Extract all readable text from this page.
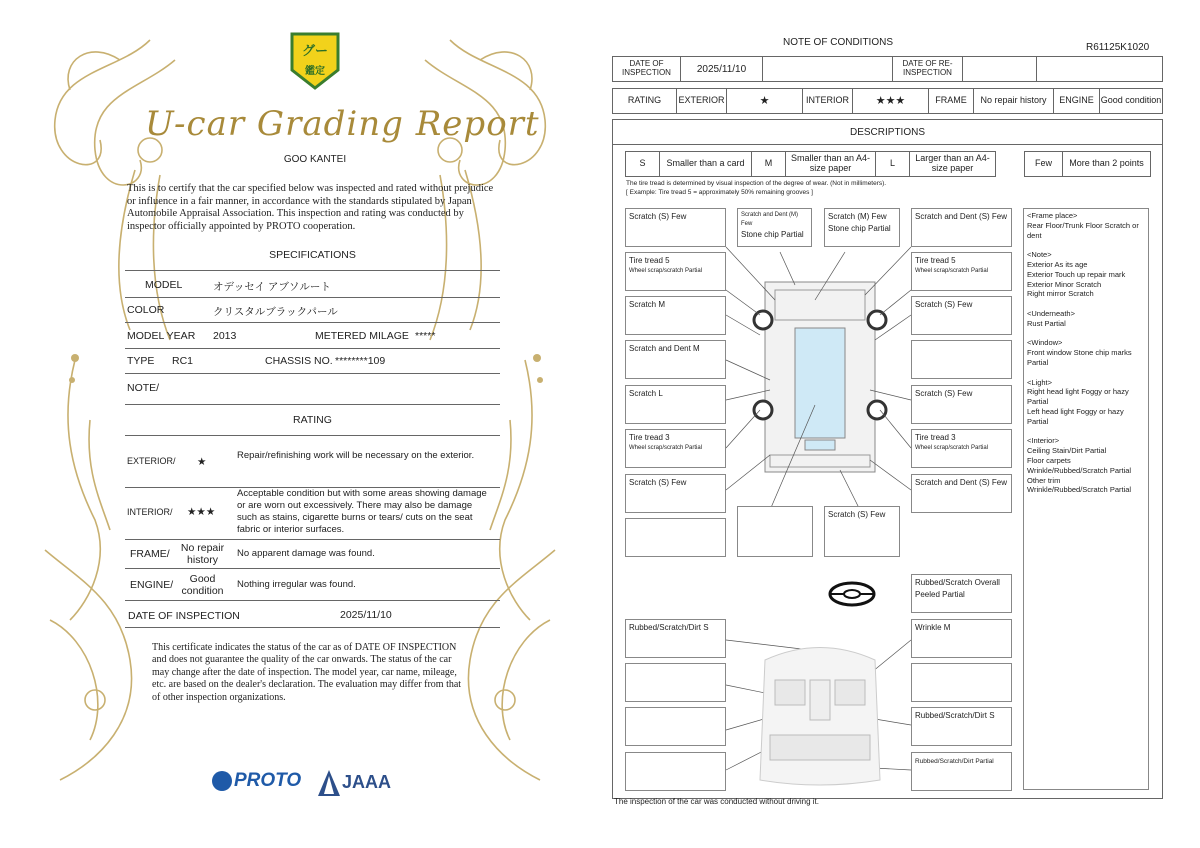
グー
鑑定
U-car Grading Report
GOO KANTEI
This is to certify that the car specified below was inspected and rated without prejudice or influence in a fair manner, in accordance with the standards stipulated by Japan Automobile Appraisal Association. This inspection and rating was conducted by inspector officially appointed by PROTO cooperation.
SPECIFICATIONS
MODEL	オデッセイ アブソルート
COLOR	クリスタルブラックパール
MODEL YEAR 2013	METERED MILAGE *****
TYPE RC1	CHASSIS NO. ********109
NOTE/
RATING
EXTERIOR/ ★
Repair/refinishing work will be necessary on the exterior.
INTERIOR/ ★★★
Acceptable condition but with some areas showing damage or are worn out excessively. There may also be damage such as stains, cigarette burns or tears/ cuts on the seat fabric or interior surfaces.
FRAME/	No repair history
No apparent damage was found.
ENGINE/	Good condition
Nothing irregular was found.
DATE OF INSPECTION	2025/11/10
This certificate indicates the status of the car as of DATE OF INSPECTION and does not guarantee the quality of the car onwards. The status of the car may change after the date of inspection. The model year, car name, mileage, etc. are based on the dealer's declaration. The evaluation may differ from that of other inspection organizations.
PROTO JAAA
NOTE OF CONDITIONS	R61125K1020
DATE OF INSPECTION	2025/11/10	DATE OF RE-INSPECTION
RATING	EXTERIOR	★	INTERIOR	★★★	FRAME	No repair history	ENGINE Good condition
DESCRIPTIONS
S	Smaller than a card	M	Smaller than an A4-size paper	L	Larger than an A4-size paper	Few	More than 2 points
The tire tread is determined by visual inspection of the degree of wear. (Not in millimeters).
[ Example: Tire tread 5 = approximately 50% remaining grooves ]
Scratch (S) Few	Scratch and Dent (M) Few
Stone chip Partial
Scratch (M) Few
Stone chip Partial
Scratch and Dent (S) Few
Tire tread 5
Wheel scrap/scratch Partial
Tire tread 5
Wheel scrap/scratch Partial
Scratch M	Scratch (S) Few
Scratch and Dent M
Scratch L	Scratch (S) Few
Tire tread 3
Wheel scrap/scratch Partial
Tire tread 3
Wheel scrap/scratch Partial
Scratch (S) Few	Scratch and Dent (S) Few
Scratch (S) Few
Rubbed/Scratch Overall
Peeled Partial
Rubbed/Scratch/Dirt S	Wrinkle M
Rubbed/Scratch/Dirt S
Rubbed/Scratch/Dirt Partial
<Frame place>
Rear Floor/Trunk Floor Scratch or dent

<Note>
Exterior As its age
Exterior Touch up repair mark
Exterior Minor Scratch
Right mirror Scratch

<Underneath>
Rust Partial

<Window>
Front window Stone chip marks Partial

<Light>
Right head light Foggy or hazy Partial
Left head light Foggy or hazy Partial

<Interior>
Ceiling Stain/Dirt Partial
Floor carpets
Wrinkle/Rubbed/Scratch Partial
Other trim
Wrinkle/Rubbed/Scratch Partial
The inspection of the car was conducted without driving it.
